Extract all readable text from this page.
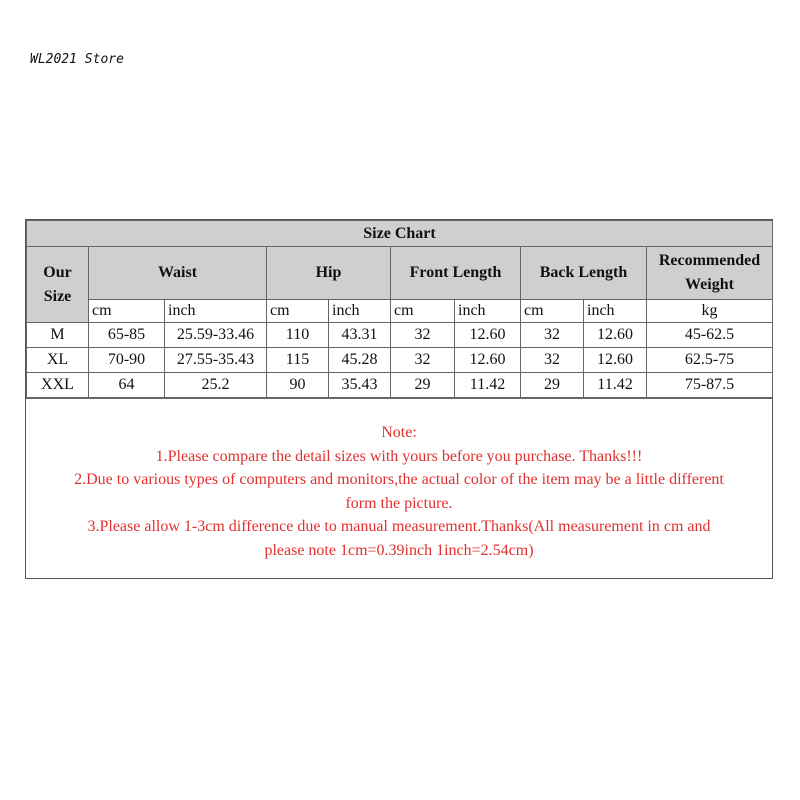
WL2021 Store
Size Chart									
Our Size	Waist		Hip		Front Length		Back Length		Recommended Weight
	cm	inch	cm	inch	cm	inch	cm	inch	kg
M	65-85	25.59-33.46	110	43.31	32	12.60	32	12.60	45-62.5
XL	70-90	27.55-35.43	115	45.28	32	12.60	32	12.60	62.5-75
XXL	64	25.2	90	35.43	29	11.42	29	11.42	75-87.5
Note:
1.Please compare the detail sizes with yours before you purchase. Thanks!!!
2.Due to various types of computers and monitors,the actual color of the item may be a little different
form the picture.
3.Please allow 1-3cm difference due to manual measurement.Thanks(All measurement in cm and
please note 1cm=0.39inch 1inch=2.54cm)
